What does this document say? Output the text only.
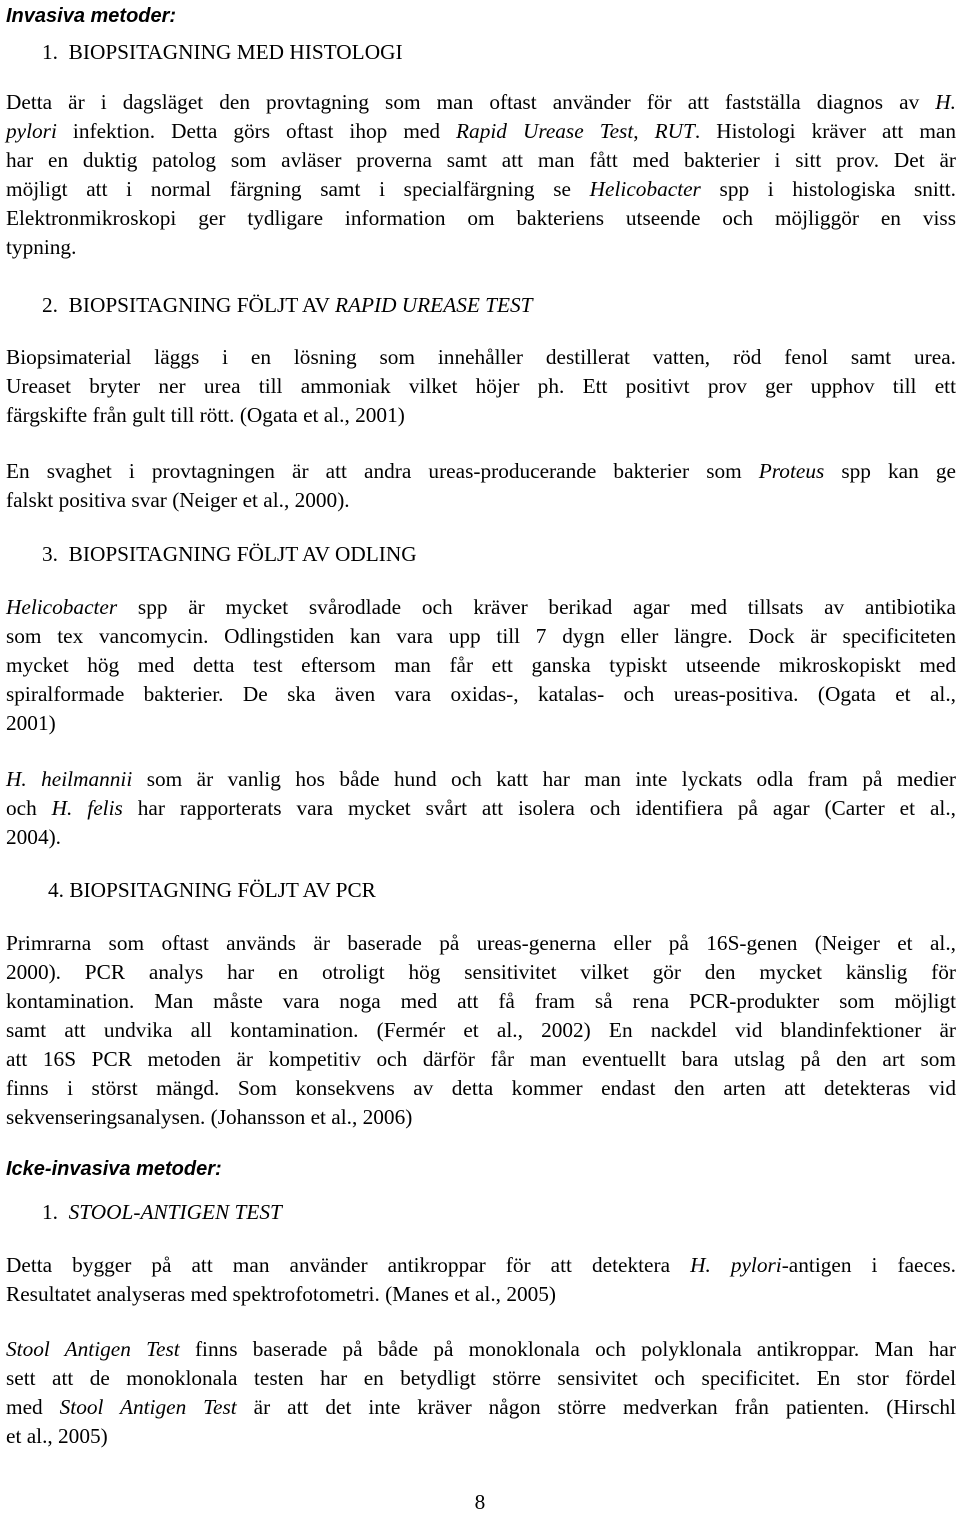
Invasiva metoder:
1. BIOPSITAGNING MED HISTOLOGI
Detta är i dagsläget den provtagning som man oftast använder för att fastställa diagnos av H.
pylori infektion. Detta görs oftast ihop med Rapid Urease Test, RUT. Histologi kräver att man
har en duktig patolog som avläser proverna samt att man fått med bakterier i sitt prov. Det är
möjligt att i normal färgning samt i specialfärgning se Helicobacter spp i histologiska snitt.
Elektronmikroskopi ger tydligare information om bakteriens utseende och möjliggör en viss
typning.
2. BIOPSITAGNING FÖLJT AV RAPID UREASE TEST
Biopsimaterial läggs i en lösning som innehåller destillerat vatten, röd fenol samt urea.
Ureaset bryter ner urea till ammoniak vilket höjer ph. Ett positivt prov ger upphov till ett
färgskifte från gult till rött. (Ogata et al., 2001)
En svaghet i provtagningen är att andra ureas-producerande bakterier som Proteus spp kan ge
falskt positiva svar (Neiger et al., 2000).
3. BIOPSITAGNING FÖLJT AV ODLING
Helicobacter spp är mycket svårodlade och kräver berikad agar med tillsats av antibiotika
som tex vancomycin. Odlingstiden kan vara upp till 7 dygn eller längre. Dock är specificiteten
mycket hög med detta test eftersom man får ett ganska typiskt utseende mikroskopiskt med
spiralformade bakterier. De ska även vara oxidas-, katalas- och ureas-positiva. (Ogata et al.,
2001)
H. heilmannii som är vanlig hos både hund och katt har man inte lyckats odla fram på medier
och H. felis har rapporterats vara mycket svårt att isolera och identifiera på agar (Carter et al.,
2004).
4. BIOPSITAGNING FÖLJT AV PCR
Primrarna som oftast används är baserade på ureas-generna eller på 16S-genen (Neiger et al.,
2000). PCR analys har en otroligt hög sensitivitet vilket gör den mycket känslig för
kontamination. Man måste vara noga med att få fram så rena PCR-produkter som möjligt
samt att undvika all kontamination. (Fermér et al., 2002) En nackdel vid blandinfektioner är
att 16S PCR metoden är kompetitiv och därför får man eventuellt bara utslag på den art som
finns i störst mängd. Som konsekvens av detta kommer endast den arten att detekteras vid
sekvenseringsanalysen. (Johansson et al., 2006)
Icke-invasiva metoder:
1. STOOL-ANTIGEN TEST
Detta bygger på att man använder antikroppar för att detektera H. pylori-antigen i faeces.
Resultatet analyseras med spektrofotometri. (Manes et al., 2005)
Stool Antigen Test finns baserade på både på monoklonala och polyklonala antikroppar. Man har
sett att de monoklonala testen har en betydligt större sensivitet och specificitet. En stor fördel
med Stool Antigen Test är att det inte kräver någon större medverkan från patienten. (Hirschl
et al., 2005)

8
